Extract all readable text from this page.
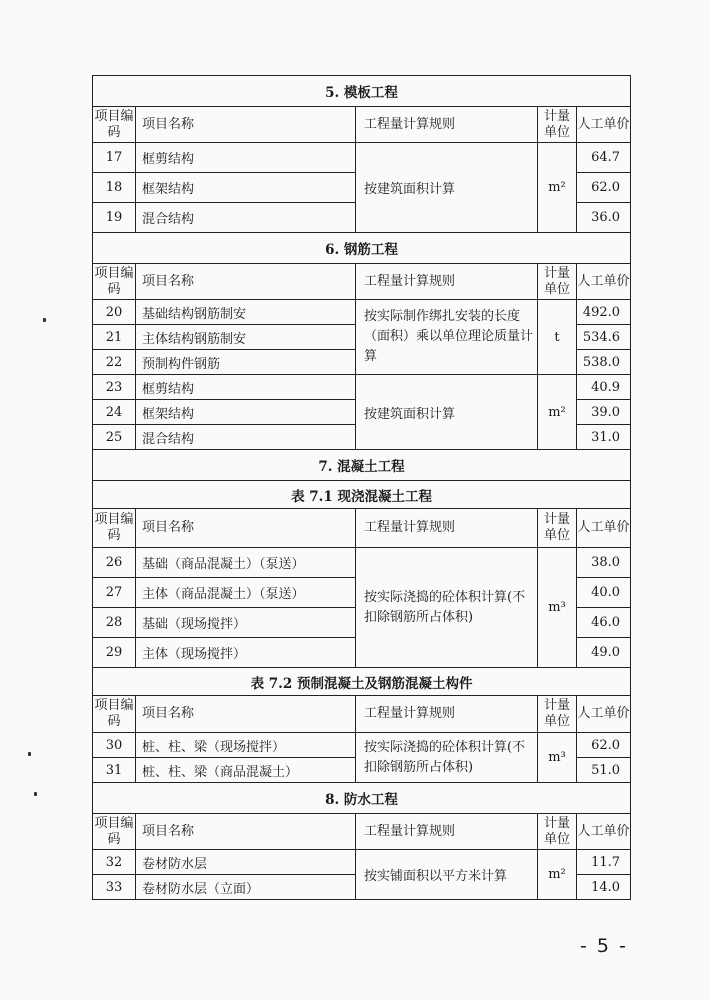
5. 模板工程				
项目编码	项目名称	工程量计算规则	计量单位	人工单价
17	框剪结构	按建筑面积计算	m²	64.7
18	框架结构			62.0
19	混合结构			36.0
6. 钢筋工程				
项目编码	项目名称	工程量计算规则	计量单位	人工单价
20	基础结构钢筋制安	按实际制作绑扎安装的长度（面积）乘以单位理论质量计算	t	492.0
21	主体结构钢筋制安			534.6
22	预制构件钢筋			538.0
23	框剪结构	按建筑面积计算	m²	40.9
24	框架结构			39.0
25	混合结构			31.0
7. 混凝土工程				
表 7.1 现浇混凝土工程				
项目编码	项目名称	工程量计算规则	计量单位	人工单价
26	基础（商品混凝土）（泵送）	按实际浇捣的砼体积计算(不扣除钢筋所占体积)	m³	38.0
27	主体（商品混凝土）（泵送）			40.0
28	基础（现场搅拌）			46.0
29	主体（现场搅拌）			49.0
表 7.2 预制混凝土及钢筋混凝土构件				
项目编码	项目名称	工程量计算规则	计量单位	人工单价
30	桩、柱、梁（现场搅拌）	按实际浇捣的砼体积计算(不扣除钢筋所占体积)	m³	62.0
31	桩、柱、梁（商品混凝土）			51.0
8. 防水工程				
项目编码	项目名称	工程量计算规则	计量单位	人工单价
32	卷材防水层	按实铺面积以平方米计算	m²	11.7
33	卷材防水层（立面）			14.0
- 5 -
